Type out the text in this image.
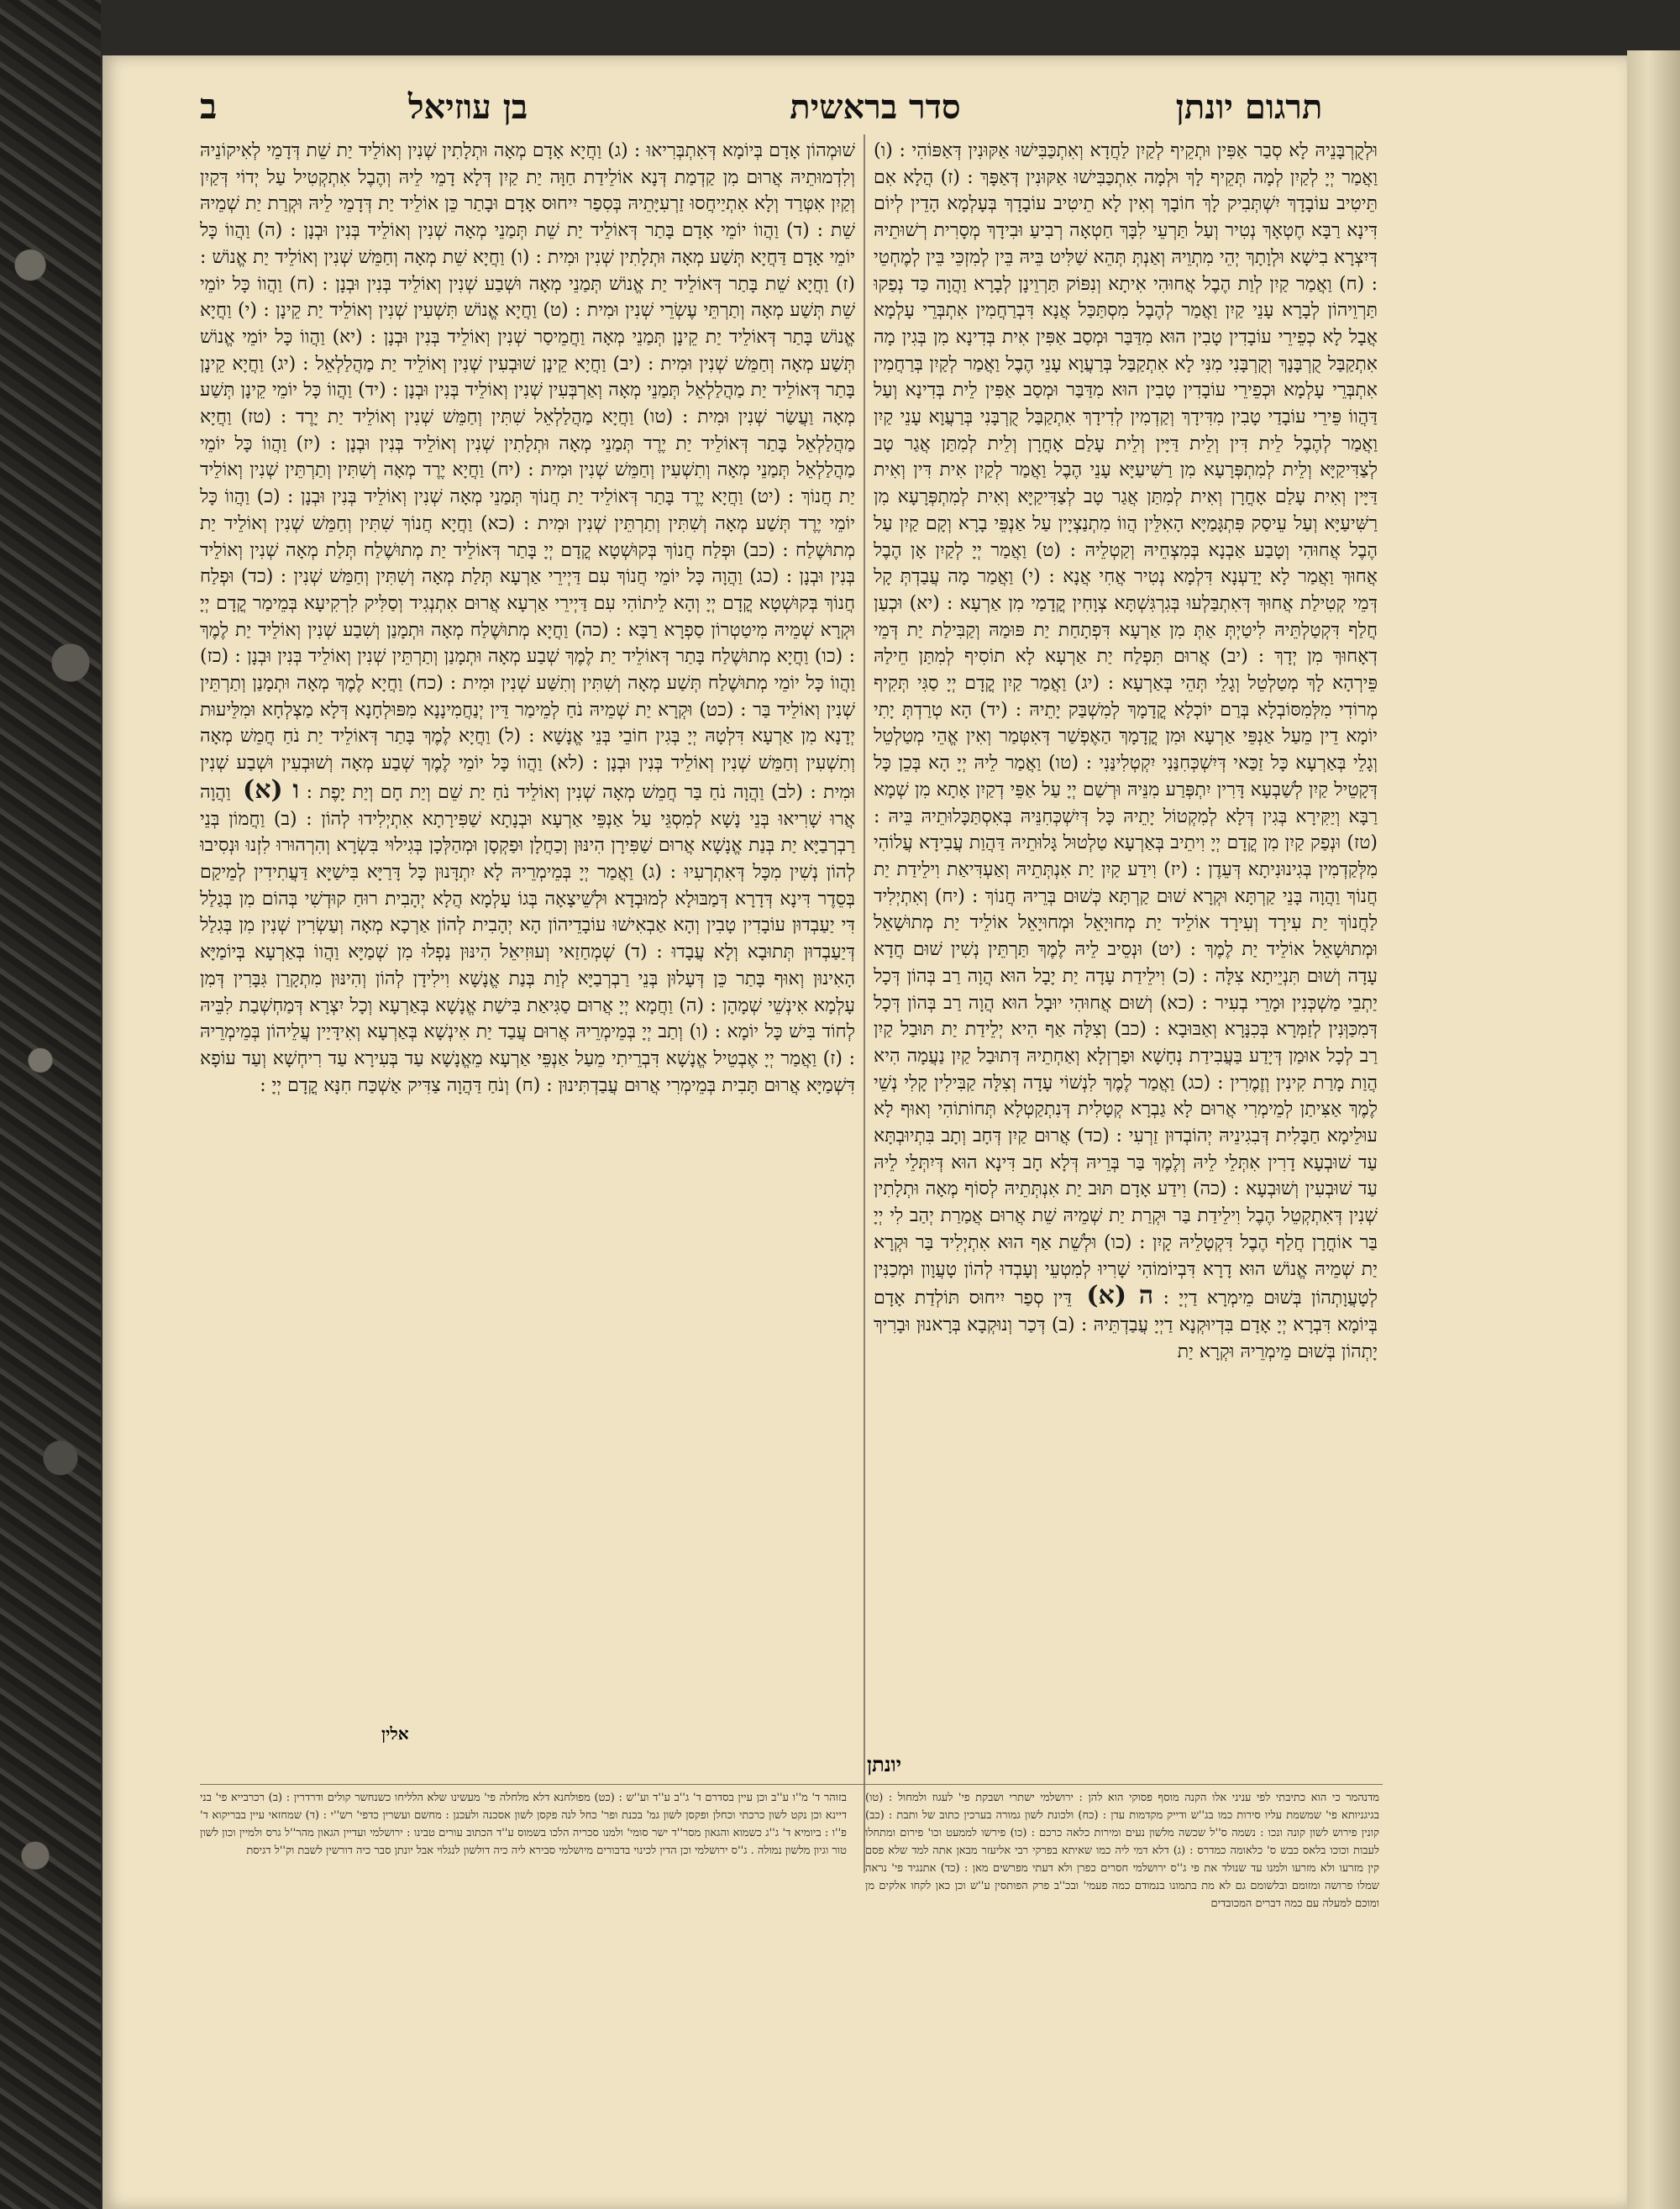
תרגום יונתן
סדר בראשית
בן עוזיאל
ב
וּלְקֻרְבָּנֵיהּ לָא סְבַר אַפִּין וּתְקֵיף לְקַיִן לַחֲדָא וְאִתְכַּבִּישׁוּ אַקּוּנִין דְּאַפּוֹהִי : (ו) וַאֲמַר יְיָ לְקַיִן לְמָה תְּקֵיף לָךְ וּלְמָה אִתְכַּבִּישׁוּ אַקּוּנִין דְּאַפָּךְ : (ז) הֲלָא אִם תֵּיטִיב עוֹבָדָךְ יִשְׁתְּבִיק לָךְ חוֹבָךְ וְאִין לָא תֵיטִיב עוֹבָדָךְ בְּעָלְמָא הָדֵין לְיוֹם דִּינָא רַבָּא חֶטְאָךְ נְטִיר וְעַל תַּרְעֵי לִבָּךְ חַטְאָה רְבִיעַ וּבִידָךְ מְסָרִית רְשׁוּתֵיהּ דְּיִצְרָא בִישָׁא וּלְוָתָךְ יְהֵי מִתְוֵיהּ וְאַנְתְּ תְּהֵא שַׁלִּיט בֵּיהּ בֵּין לְמִזְכֵּי בֵּין לְמֶחְטֵי : (ח) וַאֲמַר קַיִן לְוַת הֶבֶל אֲחוּהִי אִיתָא וְנִפּוֹק תַּרְוֵינָן לְבָרָא וַהֲוָה כַּד נְפַקוּ תַּרְוֵיהוֹן לְבָרָא עָנֵי קַיִן וַאֲמַר לְהֶבֶל מִסְתַּכַּל אֲנָא דִּבְרַחֲמִין אִתְבְּרֵי עָלְמָא אֲבָל לָא כְפֵירֵי עוֹבָדִין טָבִין הוּא מִדַּבַּר וּמְסַב אַפִּין אִית בְּדִינָא מִן בְּגִין מָה אִתְקַבַּל קֻרְבָּנָךְ וְקֻרְבָּנִי מִנִּי לָא אִתְקַבַּל בְּרַעֲוָא עָנֵי הֶבֶל וַאֲמַר לְקַיִן בְּרַחֲמִין אִתְבְּרֵי עָלְמָא וּכְפֵירֵי עוֹבָדִין טָבִין הוּא מִדַּבַּר וּמְסַב אַפִּין לֵית בְּדִינָא וְעַל דַּהֲווֹ פֵּירֵי עוֹבָדַי טָבִין מִדִּידָךְ וְקַדְמִין לְדִידָךְ אִתְקַבַּל קֻרְבָּנִי בְּרַעֲוָא עָנֵי קַיִן וַאֲמַר לְהֶבֶל לֵית דִּין וְלֵית דַּיָּין וְלֵית עָלַם אָחֳרָן וְלֵית לְמִתַּן אֲגַר טָב לְצַדִּיקַיָּא וְלֵית לְמִתְפְּרָעָא מִן רַשִּׁיעַיָּא עָנֵי הֶבֶל וַאֲמַר לְקַיִן אִית דִּין וְאִית דַּיָּין וְאִית עָלַם אָחֳרָן וְאִית לְמִתַּן אֲגַר טָב לְצַדִּיקַיָּא וְאִית לְמִתְפְּרָעָא מִן רַשִּׁיעַיָּא וְעַל עֵיסַק פִּתְגָּמַיָּא הָאִלֵּין הֲווֹ מִתְנַצְיָין עַל אַנְפֵּי בָרָא וְקָם קַיִן עַל הֶבֶל אֲחוּהִי וְטָבַע אַבְנָא בְּמִצְחֵיהּ וְקַטְלֵיהּ : (ט) וַאֲמַר יְיָ לְקַיִן אָן הֶבֶל אֲחוּךְ וַאֲמַר לָא יָדַעְנָא דִּלְמָא נְטִיר אֲחִי אֲנָא : (י) וַאֲמַר מָה עֲבַדְתְּ קָל דְּמֵי קְטִילַת אֲחוּךְ דְּאִתְבַּלְעוּ בְּגִרְגִּשְׁתָּא צְוָחִין קֳדָמַי מִן אַרְעָא : (יא) וּכְעַן חֲלַף דִּקְטַלְתֵּיהּ לִיטַיְתְּ אַתְּ מִן אַרְעָא דִּפְתָחַת יַת פּוּמַהּ וְקַבִּילַת יַת דְּמֵי דְאָחוּךְ מִן יְדָךְ : (יב) אֲרוּם תִּפְלַח יַת אַרְעָא לָא תוֹסִיף לְמִתַּן חֵילַהּ פֵּירְהָא לָךְ מְטַלְטֵל וְגָלֵי תְּהֵי בְּאַרְעָא : (יג) וַאֲמַר קַיִן קֳדָם יְיָ סַגִּי תְּקִיף מְרוֹדִי מִלְּמִסּוֹבְלָא בְּרַם יוֹכְלָא קֳדָמָךְ לְמִשְׁבַּק יָתֵיהּ : (יד) הָא טְרַדְתְּ יָתִי יוֹמָא דֵין מֵעַל אַנְפֵּי אַרְעָא וּמִן קֳדָמָךְ הַאֶפְשַׁר דְּאִטְּמַר וְאִין אֱהֵי מְטַלְטֵל וְגָלֵי בְּאַרְעָא כָּל זַכַּאי דְּיִשְׁכְּחִנַּנִי יִקְטְלִינַּנִי : (טו) וַאֲמַר לֵיהּ יְיָ הָא בְּכֵן כָּל דְּקָטֵיל קַיִן לְשַׁבְעָא דָּרִין יִתְפְּרַע מִנֵּיהּ וּרְשַׁם יְיָ עַל אַפֵּי דְקַיִן אָתָא מִן שְׁמָא רַבָּא וְיַקִּירָא בְּגִין דְּלָא לְמִקְטוֹל יָתֵיהּ כָּל דְּיִשְׁכְּחִנֵּיהּ בְּאִסְתַּכָּלוּתֵיהּ בֵּיהּ : (טז) וּנְפַק קַיִן מִן קֳדָם יְיָ וִיתֵיב בְּאַרְעָא טַלְטוּל גָּלוּתֵיהּ דַּהֲוַת עֲבִידָא עֲלוֹהִי מִלְּקַדְמִין בְּגִינוּנִיתָא דְּעֵדֶן : (יז) וִידַע קַיִן יַת אִנְתְּתֵיהּ וְאַעְדִּיאַת וִילֵידַת יַת חֲנוֹךְ וַהֲוָה בָּנֵי קַרְתָּא וּקְרָא שׁוּם קַרְתָּא כְּשׁוּם בְּרֵיהּ חֲנוֹךְ : (יח) וְאִתְיְלִיד לַחֲנוֹךְ יַת עִירָד וְעִירָד אוֹלֵיד יַת מְחוּיָאֵל וּמְחוּיָאֵל אוֹלֵיד יַת מְתוּשָׁאֵל וּמְתוּשָׁאֵל אוֹלֵיד יַת לֶמֶךְ : (יט) וּנְסֵיב לֵיהּ לֶמֶךְ תַּרְתֵּין נְשִׁין שׁוּם חֲדָא עָדָה וְשׁוּם תִּנְיֵיתָא צִלָּה : (כ) וִילֵידַת עָדָה יַת יָבָל הוּא הֲוָה רַב בְּהוֹן דְּכָל יַתְבֵי מַשְׁכְּנִין וּמָרֵי בְעִיר : (כא) וְשׁוּם אֲחוּהִי יוּבָל הוּא הֲוָה רַב בְּהוֹן דְּכָל דְּמִכַּוְּנִין לְזַמְּרָא בְּכִנָּרָא וְאַבּוּבָא : (כב) וְצִלָּה אַף הִיא יְלֵידַת יַת תּוּבַל קַיִן רַב לְכָל אוּמַן דְּיָדַע בַּעֲבִידַת נְחָשָׁא וּפַרְזְלָא וְאַחְתֵיהּ דְּתוּבַל קַיִן נַעֲמָה הִיא הֲוַת מָרַת קִינִין וְזֶמֶרִין : (כג) וַאֲמַר לֶמֶךְ לִנְשׁוֹי עָדָה וְצִלָּה קַבִּילִין קָלִי נְשֵׁי לֶמֶךְ אַצִּיתַן לְמֵימְרִי אֲרוּם לָא גַבְרָא קְטָלִית דְּנִתְקַטְלָא תְּחוֹתוֹהִי וְאוּף לָא עוּלֵימָא חַבָּלִית דְּבִגִינֵיהּ יְהוֹבְדוּן זַרְעִי : (כד) אֲרוּם קַיִן דְּחָב וְתָב בִּתְיוּבְתָּא עַד שׁוּבְעָא דָרִין אִתְּלֵי לֵיהּ וְלֶמֶךְ בַּר בְּרֵיהּ דְּלָא חָב דִּינָא הוּא דְּיִתְּלֵי לֵיהּ עַד שׁוּבְעִין וְשׁוּבְעָא : (כה) וִידַע אָדָם תּוּב יַת אִנְתְּתֵיהּ לְסוֹף מְאָה וּתְלָתִין שְׁנִין דְּאִתְקְטֵל הֶבֶל וִילֵידַת בַּר וּקְרַת יַת שְׁמֵיהּ שֵׁת אֲרוּם אֲמַרַת יְהַב לִי יְיָ בַּר אוֹחֳרָן חֲלַף הֶבֶל דִּקְטָלֵיהּ קָיִן : (כו) וּלְשֵׁת אַף הוּא אִתְיְלִיד בַּר וּקְרָא יַת שְׁמֵיהּ אֱנוֹשׁ הוּא דָרָא דִּבְיוֹמוֹהִי שָׁרִיוּ לְמִטְעֵי וְעָבְדוּ לְהוֹן טָעֲוָון וּמְכַנִּין לְטָעֲוָתְהוֹן בְּשׁוּם מֵימְרָא דַיְיָ : ה (א) דֵּין סְפַר יִיחוּס תּוֹלְדַת אָדָם בְּיוֹמָא דִּבְרָא יְיָ אָדָם בִּדְיוּקְנָא דַיְיָ עֲבַדְתֵּיהּ : (ב) דְּכַר וְנוּקְבָא בְּרָאנוּן וּבָרִיךְ יָתְהוֹן בְּשׁוּם מֵימְרֵיהּ וּקְרָא יַת
שׁוּמְהוֹן אָדָם בְּיוֹמָא דְּאִתְבְּרִיאוּ : (ג) וַחֲיָא אָדָם מְאָה וּתְלָתִין שְׁנִין וְאוֹלֵיד יַת שֵׁת דְּדָמֵי לְאִיקוֹנֵיהּ וְלִדְמוּתֵיהּ אֲרוּם מִן קַדְמַת דְּנָא אוֹלֵידַת חַוָּה יַת קַיִן דְּלָא דָמֵי לֵיהּ וְהֶבֶל אִתְקְטִיל עַל יְדוֹי דְּקַיִן וְקַיִן אִטְּרַד וְלָא אִתְיַיחֲסוּ זַרְעִיָּתֵיהּ בְּסִפַר יִיחוּס אָדָם וּבָתַר כֵּן אוֹלֵיד יַת דְּדָמֵי לֵיהּ וּקְרַת יַת שְׁמֵיהּ שֵׁת : (ד) וַהֲווֹ יוֹמֵי אָדָם בָּתַר דְּאוֹלֵיד יַת שֵׁת תְּמַנֵי מְאָה שְׁנִין וְאוֹלֵיד בְּנִין וּבְנָן : (ה) וַהֲווֹ כָּל יוֹמֵי אָדָם דַּחֲיָא תְּשַׁע מְאָה וּתְלָתִין שְׁנִין וּמִית : (ו) וַחֲיָא שֵׁת מְאָה וְחַמֵּשׁ שְׁנִין וְאוֹלֵיד יַת אֱנוֹשׁ : (ז) וַחֲיָא שֵׁת בָּתַר דְּאוֹלֵיד יַת אֱנוֹשׁ תְּמַנֵי מְאָה וּשְׁבַע שְׁנִין וְאוֹלֵיד בְּנִין וּבְנָן : (ח) וַהֲווֹ כָּל יוֹמֵי שֵׁת תְּשַׁע מְאָה וְתַרְתֵּי עֶשְׂרֵי שְׁנִין וּמִית : (ט) וַחֲיָא אֱנוֹשׁ תִּשְׁעִין שְׁנִין וְאוֹלֵיד יַת קֵינָן : (י) וַחֲיָא אֱנוֹשׁ בָּתַר דְּאוֹלֵיד יַת קֵינָן תְּמַנֵי מְאָה וַחֲמֵיסַר שְׁנִין וְאוֹלֵיד בְּנִין וּבְנָן : (יא) וַהֲווֹ כָּל יוֹמֵי אֱנוֹשׁ תְּשַׁע מְאָה וְחַמֵּשׁ שְׁנִין וּמִית : (יב) וַחֲיָא קֵינָן שׁוּבְעִין שְׁנִין וְאוֹלֵיד יַת מַהֲלַלְאֵל : (יג) וַחֲיָא קֵינָן בָּתַר דְּאוֹלֵיד יַת מַהֲלַלְאֵל תְּמַנֵי מְאָה וְאַרְבְּעִין שְׁנִין וְאוֹלֵיד בְּנִין וּבְנָן : (יד) וַהֲווֹ כָּל יוֹמֵי קֵינָן תְּשַׁע מְאָה וַעֲשַׂר שְׁנִין וּמִית : (טו) וַחֲיָא מַהֲלַלְאֵל שִׁתִּין וְחַמֵּשׁ שְׁנִין וְאוֹלֵיד יַת יָרֶד : (טז) וַחֲיָא מַהֲלַלְאֵל בָּתַר דְּאוֹלֵיד יַת יֶרֶד תְּמַנֵי מְאָה וּתְלָתִין שְׁנִין וְאוֹלֵיד בְּנִין וּבְנָן : (יז) וַהֲווֹ כָּל יוֹמֵי מַהֲלַלְאֵל תְּמַנֵי מְאָה וְתִשְׁעִין וְחַמֵּשׁ שְׁנִין וּמִית : (יח) וַחֲיָא יֶרֶד מְאָה וְשִׁתִּין וְתַרְתֵּין שְׁנִין וְאוֹלֵיד יַת חֲנוֹךְ : (יט) וַחֲיָא יֶרֶד בָּתַר דְּאוֹלֵיד יַת חֲנוֹךְ תְּמַנֵי מְאָה שְׁנִין וְאוֹלֵיד בְּנִין וּבְנָן : (כ) וַהֲווֹ כָּל יוֹמֵי יֶרֶד תְּשַׁע מְאָה וְשִׁתִּין וְתַרְתֵּין שְׁנִין וּמִית : (כא) וַחֲיָא חֲנוֹךְ שִׁתִּין וְחַמֵּשׁ שְׁנִין וְאוֹלֵיד יַת מְתוּשֶׁלַח : (כב) וּפְלַח חֲנוֹךְ בְּקוּשְׁטָא קֳדָם יְיָ בָּתַר דְּאוֹלֵיד יַת מְתוּשֶׁלַח תְּלַת מְאָה שְׁנִין וְאוֹלֵיד בְּנִין וּבְנָן : (כג) וַהֲוָה כָּל יוֹמֵי חֲנוֹךְ עִם דַּיְירֵי אַרְעָא תְּלַת מְאָה וְשִׁתִּין וְחַמֵּשׁ שְׁנִין : (כד) וּפְלַח חֲנוֹךְ בְּקוּשְׁטָא קֳדָם יְיָ וְהָא לֵיתוֹהִי עִם דַּיְירֵי אַרְעָא אֲרוּם אִתְנְגִיד וְסַלִּיק לִרְקִיעָא בְּמֵימַר קֳדָם יְיָ וּקְרָא שְׁמֵיהּ מִיטַטְרוֹן סַפְרָא רַבָּא : (כה) וַחֲיָא מְתוּשֶׁלַח מְאָה וּתְמָנַן וְשִׁבַע שְׁנִין וְאוֹלֵיד יַת לֶמֶךְ : (כו) וַחֲיָא מְתוּשֶׁלַח בָּתַר דְּאוֹלֵיד יַת לֶמֶךְ שְׁבַע מְאָה וּתְמָנַן וְתַרְתֵּין שְׁנִין וְאוֹלֵיד בְּנִין וּבְנָן : (כז) וַהֲווֹ כָּל יוֹמֵי מְתוּשֶׁלַח תְּשַׁע מְאָה וְשִׁתִּין וְתִשַּׁע שְׁנִין וּמִית : (כח) וַחֲיָא לֶמֶךְ מְאָה וּתְמָנַן וְתַרְתֵּין שְׁנִין וְאוֹלֵיד בַּר : (כט) וּקְרָא יַת שְׁמֵיהּ נֹחַ לְמֵימַר דֵּין יְנַחֲמִינָנָא מִפּוּלְחָנָא דְּלָא מַצְלְחָא וּמִלֵּיעוּת יְדָנָא מִן אַרְעָא דִּלְטָהּ יְיָ בְּגִין חוֹבֵי בְּנֵי אֱנָשָׁא : (ל) וַחֲיָא לֶמֶךְ בָּתַר דְּאוֹלֵיד יַת נֹחַ חֲמֵשׁ מְאָה וְתִשְׁעִין וְחַמֵּשׁ שְׁנִין וְאוֹלֵיד בְּנִין וּבְנָן : (לא) וַהֲווֹ כָּל יוֹמֵי לֶמֶךְ שְׁבַע מְאָה וְשׁוּבְעִין וּשְׁבַע שְׁנִין וּמִית : (לב) וַהֲוָה נֹחַ בַּר חֲמֵשׁ מְאָה שְׁנִין וְאוֹלֵיד נֹחַ יַת שֵׁם וְיַת חָם וְיַת יָפֶת : ו (א) וַהֲוָה אֲרוּ שָׁרִיאוּ בְּנֵי נָשָׁא לְמִסְגֵּי עַל אַנְפֵּי אַרְעָא וּבְנָתָא שַׁפִּירָתָא אִתְיְלִידוּ לְהוֹן : (ב) וַחֲמוֹן בְּנֵי רַבְרְבַיָּא יַת בְּנַת אֱנָשָׁא אֲרוּם שַׁפִּירָן הִינּוּן וְכַחֲלָן וּפַקְסָן וּמְהַלְּכָן בְּגִילוּי בִּשְׂרָא וְהִרְהוּרוּ לִזְנוּ וּנְסִיבוּ לְהוֹן נְשִׁין מִכָּל דְּאִתְרְעִיוּ : (ג) וַאֲמַר יְיָ בְּמֵימְרֵיהּ לָא יִתְדָּנוּן כָּל דָּרַיָּא בִּישַׁיָּא דַּעֲתִידִין לְמֵיקַם בְּסֵדֶר דִּינָא דְּדָרָא דְּמַבּוּלָא לְמוּבְדָא וּלְשֵׁיצָאָה בְּגוֹ עָלְמָא הֲלָא יְהָבִית רוּחַ קוּדְשִׁי בְּהוֹם מִן בְּגַלַל דִּי יַעַבְדוּן עוֹבָדִין טָבִין וְהָא אַבְאִישׁוּ עוֹבָדֵיהוֹן הָא יְהָבִית לְהוֹן אַרְכָא מְאָה וְעַשְׂרִין שְׁנִין מִן בְּגִלַל דְּיַעַבְדוּן תְּתוּבָא וְלָא עֲבָדוּ : (ד) שְׁמְחַזַאי וְעוּזִיאֵל הִינּוּן נַפְלוּ מִן שְׁמַיָּא וַהֲווֹ בְּאַרְעָא בְּיוֹמַיָּא הָאִינוּן וְאוּף בָּתַר כֵּן דְּעָלוּן בְּנֵי רַבְרְבַיָּא לְוַת בְּנַת אֱנָשָׁא וִילִידָן לְהוֹן וְהִינּוּן מִתְקָרַן גִּבָּרִין דְּמִן עָלְמָא אִינְשֵׁי שְׁמָהָן : (ה) וַחֲמָא יְיָ אֲרוּם סַגִּיאַת בִּישַׁת אֱנָשָׁא בְּאַרְעָא וְכָל יִצְרָא דְּמַחְשְׁבַת לִבֵּיהּ לְחוֹד בִּישׁ כָּל יוֹמָא : (ו) וְתַב יְיָ בְּמֵימְרֵיהּ אֲרוּם עֲבַד יַת אִינְשָׁא בְּאַרְעָא וְאִידָּיַין עֲלֵיהוֹן בְּמֵימְרֵיהּ : (ז) וַאֲמַר יְיָ אֶבְטֵיל אֱנָשָׁא דִּבְרֵיתִי מֵעַל אַנְפֵּי אַרְעָא מֵאֱנָשָׁא עַד בְּעִירָא עַד רִיחְשָׁא וְעַד עוֹפָא דִּשְׁמַיָּא אֲרוּם תָּבִית בְּמֵימְרִי אֲרוּם עֲבַדְתִּינוּן : (ח) וְנֹחַ דַּהֲוָה צַדִּיק אַשְׁכַּח חִנָּא קֳדָם יְיָ :
אלין
יונתן
מדנהמר כי הוא כתיבתי לפי עניני אלו הקנה מוסף פסוקי הוא להן : ירושלמי ישתרי ושבקת פי' לעגוז ולמחול : (טו) בגיגניותא פי' שמשמת עליו סירות כמו בג''ש ודייק מקדמות עדן : (כח) ולכונת לשון גמורה בערכין כתוב של ותבת : (כב) קונין פירוש לשון קונה ונכו : נשמה ס''ל שכשה מלשון נעים ומירות כלאה כרכם : (כו) פירשו לממעט וכו' פירום ומתחלו לעבות וכוכו בלאס כבש ס' כלאומה כמדרס : (ג) דלא דמי ליה כמו שאיתא בפרקי רבי אליעזר מבאן אתה למד שלא פסם קין מזרעו ולא מזרעו ולמנו עד שנולד את פי ג''ס ירושלמי חסרים כפרן ולא דעתי מפרשים מאן : (כד) אתנגיד פי' נראה שמלו פרושה ומזומם ובלשומם גם לא מת בתמונו בנמודם כמה פעמי' ובכ''ב פרק הפותסין ע''ש וכן כאן לקחו אלקים מן ומוכם למעלה עם כמה דברים המכובדים
בזוהר ד' מ''ו ע''ב וכן עיין בסדרם ד' ג''ב ע''ד וע''ש : (כט) מפולחנא דלא מלחלה פי' מעשינו שלא הלליחו כשנחשר קולים ודרדרין : (ב) רכרבייא פי' בני דיינא וכן נקט לשון כרכתי וכחלן ופקסן לשון גמ' בכנת ופר' כחל לנה פקסן לשון אסכנה ולעכנן : מחשם ועשרין כדפי' רש''י : (ד) שמחזאי עיין בבריקוא ד' פ''ו : ביומיא ד' ג''ג כשמוא והגאון מסר''ד ישר סומי' ולמנו סכריה הלכו בשמוס ע''ד הכתוב עורים טבינו : ירושלמי ועדיין הגאון מהר''ל גרס ולמיין וכון לשון טור וגיון מלשון נמולה . ג''ס ירושלמי וכן הדין לכינוי בדבורים מיושלמי סבירא ליה כיה דולשון לנגלוי אבל יונתן סבר כיה דורשין לשבת וק''ל דגיסת
